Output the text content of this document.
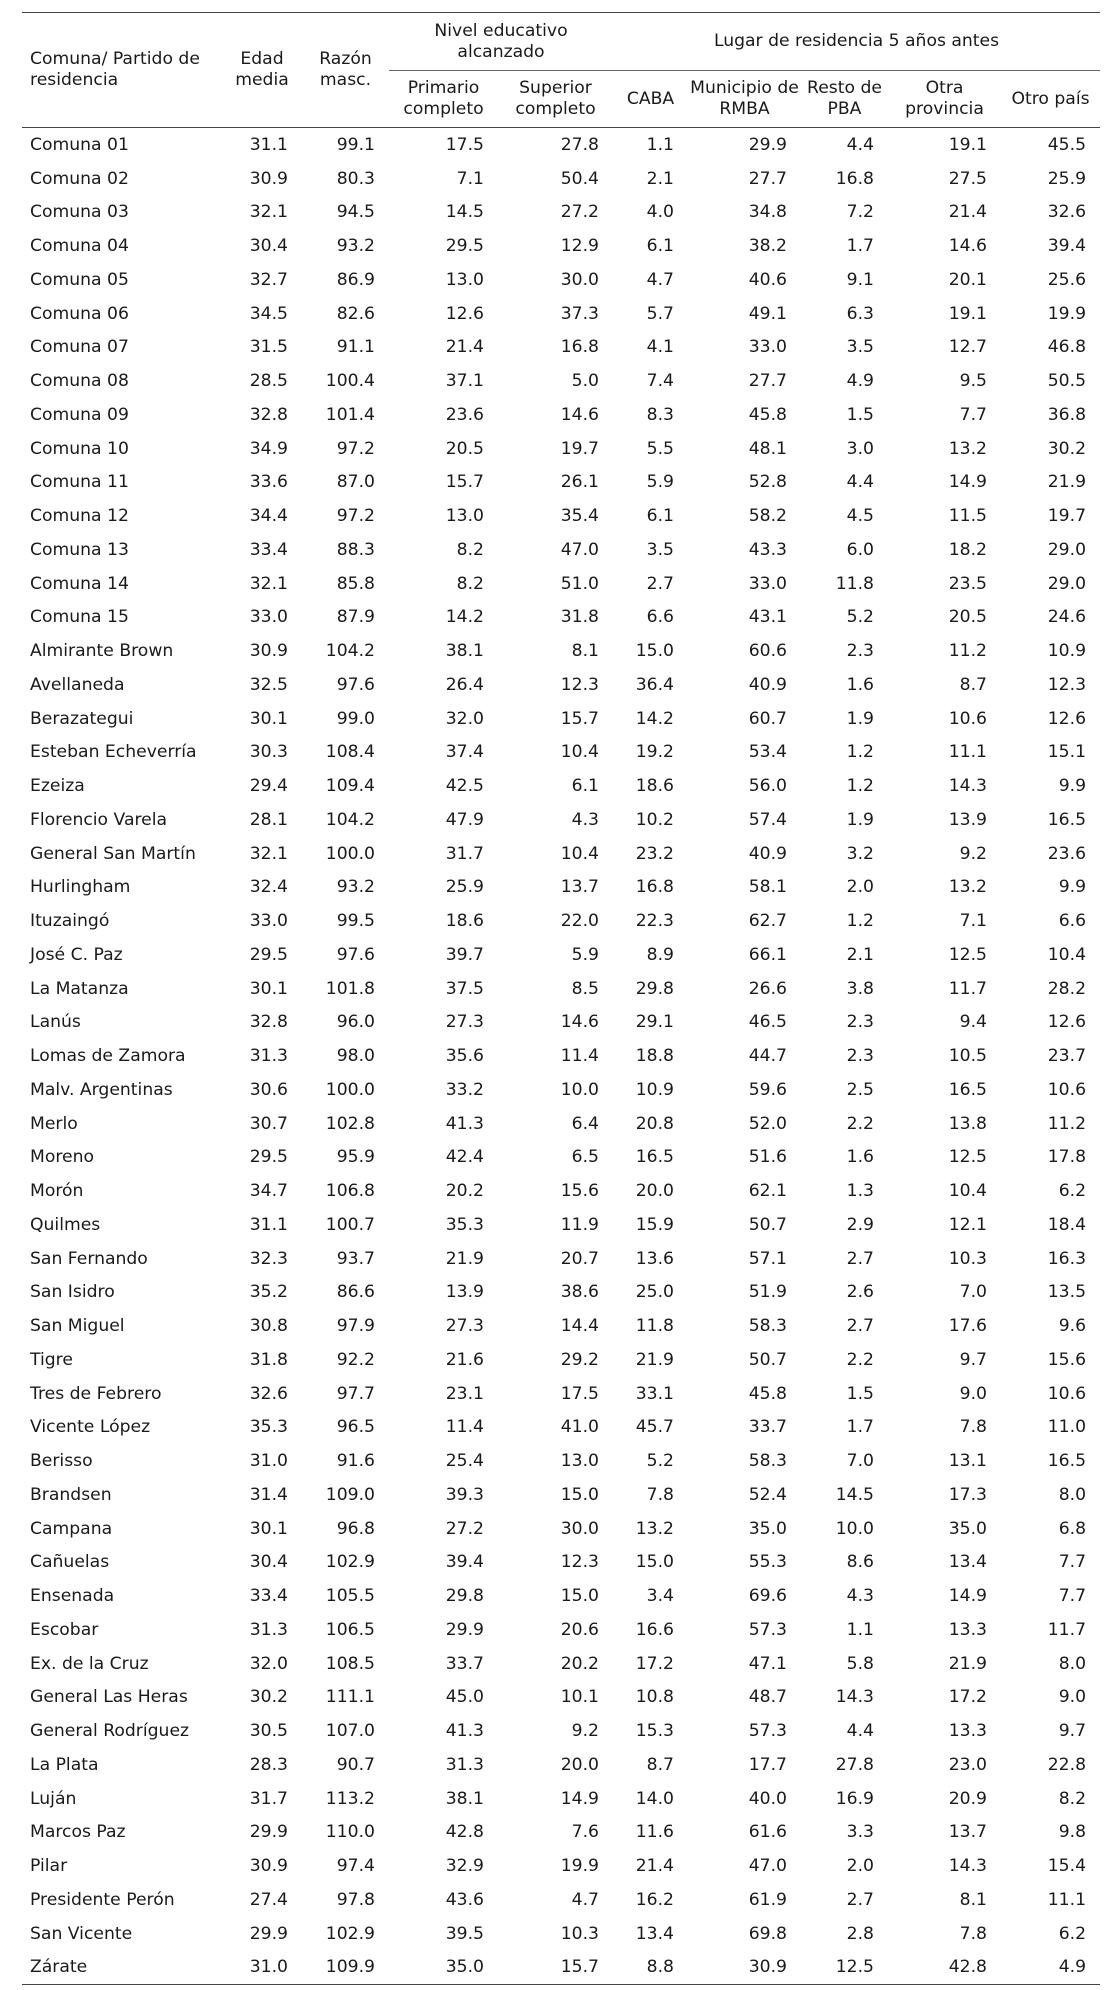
Comuna/ Partido de residencia	Edad media	Razón masc.	Nivel educativo alcanzado		Lugar de residencia 5 años antes				
			Primario completo	Superior completo	CABA	Municipio de RMBA	Resto de PBA	Otra provincia	Otro país
Comuna 01	31.1	99.1	17.5	27.8	1.1	29.9	4.4	19.1	45.5
Comuna 02	30.9	80.3	7.1	50.4	2.1	27.7	16.8	27.5	25.9
Comuna 03	32.1	94.5	14.5	27.2	4.0	34.8	7.2	21.4	32.6
Comuna 04	30.4	93.2	29.5	12.9	6.1	38.2	1.7	14.6	39.4
Comuna 05	32.7	86.9	13.0	30.0	4.7	40.6	9.1	20.1	25.6
Comuna 06	34.5	82.6	12.6	37.3	5.7	49.1	6.3	19.1	19.9
Comuna 07	31.5	91.1	21.4	16.8	4.1	33.0	3.5	12.7	46.8
Comuna 08	28.5	100.4	37.1	5.0	7.4	27.7	4.9	9.5	50.5
Comuna 09	32.8	101.4	23.6	14.6	8.3	45.8	1.5	7.7	36.8
Comuna 10	34.9	97.2	20.5	19.7	5.5	48.1	3.0	13.2	30.2
Comuna 11	33.6	87.0	15.7	26.1	5.9	52.8	4.4	14.9	21.9
Comuna 12	34.4	97.2	13.0	35.4	6.1	58.2	4.5	11.5	19.7
Comuna 13	33.4	88.3	8.2	47.0	3.5	43.3	6.0	18.2	29.0
Comuna 14	32.1	85.8	8.2	51.0	2.7	33.0	11.8	23.5	29.0
Comuna 15	33.0	87.9	14.2	31.8	6.6	43.1	5.2	20.5	24.6
Almirante Brown	30.9	104.2	38.1	8.1	15.0	60.6	2.3	11.2	10.9
Avellaneda	32.5	97.6	26.4	12.3	36.4	40.9	1.6	8.7	12.3
Berazategui	30.1	99.0	32.0	15.7	14.2	60.7	1.9	10.6	12.6
Esteban Echeverría	30.3	108.4	37.4	10.4	19.2	53.4	1.2	11.1	15.1
Ezeiza	29.4	109.4	42.5	6.1	18.6	56.0	1.2	14.3	9.9
Florencio Varela	28.1	104.2	47.9	4.3	10.2	57.4	1.9	13.9	16.5
General San Martín	32.1	100.0	31.7	10.4	23.2	40.9	3.2	9.2	23.6
Hurlingham	32.4	93.2	25.9	13.7	16.8	58.1	2.0	13.2	9.9
Ituzaingó	33.0	99.5	18.6	22.0	22.3	62.7	1.2	7.1	6.6
José C. Paz	29.5	97.6	39.7	5.9	8.9	66.1	2.1	12.5	10.4
La Matanza	30.1	101.8	37.5	8.5	29.8	26.6	3.8	11.7	28.2
Lanús	32.8	96.0	27.3	14.6	29.1	46.5	2.3	9.4	12.6
Lomas de Zamora	31.3	98.0	35.6	11.4	18.8	44.7	2.3	10.5	23.7
Malv. Argentinas	30.6	100.0	33.2	10.0	10.9	59.6	2.5	16.5	10.6
Merlo	30.7	102.8	41.3	6.4	20.8	52.0	2.2	13.8	11.2
Moreno	29.5	95.9	42.4	6.5	16.5	51.6	1.6	12.5	17.8
Morón	34.7	106.8	20.2	15.6	20.0	62.1	1.3	10.4	6.2
Quilmes	31.1	100.7	35.3	11.9	15.9	50.7	2.9	12.1	18.4
San Fernando	32.3	93.7	21.9	20.7	13.6	57.1	2.7	10.3	16.3
San Isidro	35.2	86.6	13.9	38.6	25.0	51.9	2.6	7.0	13.5
San Miguel	30.8	97.9	27.3	14.4	11.8	58.3	2.7	17.6	9.6
Tigre	31.8	92.2	21.6	29.2	21.9	50.7	2.2	9.7	15.6
Tres de Febrero	32.6	97.7	23.1	17.5	33.1	45.8	1.5	9.0	10.6
Vicente López	35.3	96.5	11.4	41.0	45.7	33.7	1.7	7.8	11.0
Berisso	31.0	91.6	25.4	13.0	5.2	58.3	7.0	13.1	16.5
Brandsen	31.4	109.0	39.3	15.0	7.8	52.4	14.5	17.3	8.0
Campana	30.1	96.8	27.2	30.0	13.2	35.0	10.0	35.0	6.8
Cañuelas	30.4	102.9	39.4	12.3	15.0	55.3	8.6	13.4	7.7
Ensenada	33.4	105.5	29.8	15.0	3.4	69.6	4.3	14.9	7.7
Escobar	31.3	106.5	29.9	20.6	16.6	57.3	1.1	13.3	11.7
Ex. de la Cruz	32.0	108.5	33.7	20.2	17.2	47.1	5.8	21.9	8.0
General Las Heras	30.2	111.1	45.0	10.1	10.8	48.7	14.3	17.2	9.0
General Rodríguez	30.5	107.0	41.3	9.2	15.3	57.3	4.4	13.3	9.7
La Plata	28.3	90.7	31.3	20.0	8.7	17.7	27.8	23.0	22.8
Luján	31.7	113.2	38.1	14.9	14.0	40.0	16.9	20.9	8.2
Marcos Paz	29.9	110.0	42.8	7.6	11.6	61.6	3.3	13.7	9.8
Pilar	30.9	97.4	32.9	19.9	21.4	47.0	2.0	14.3	15.4
Presidente Perón	27.4	97.8	43.6	4.7	16.2	61.9	2.7	8.1	11.1
San Vicente	29.9	102.9	39.5	10.3	13.4	69.8	2.8	7.8	6.2
Zárate	31.0	109.9	35.0	15.7	8.8	30.9	12.5	42.8	4.9
